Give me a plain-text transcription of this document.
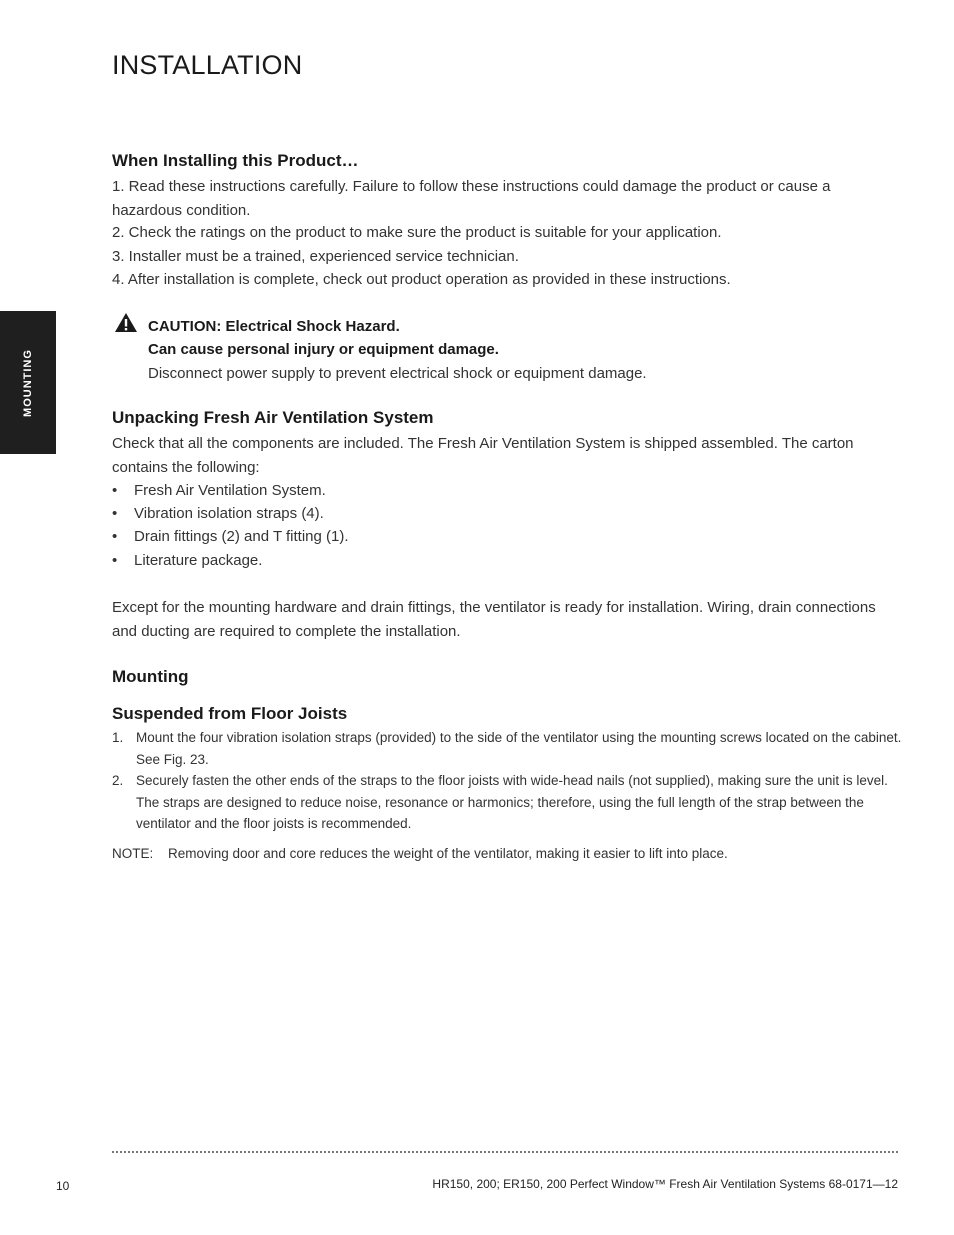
INSTALLATION
MOUNTING
When Installing this Product…

1. Read these instructions carefully. Failure to follow these instructions could damage the product or cause a hazardous condition.

2. Check the ratings on the product to make sure the product is suitable for your application.

3. Installer must be a trained, experienced service technician.

4. After installation is complete, check out product operation as provided in these instructions.

CAUTION: Electrical Shock Hazard.

Can cause personal injury or equipment damage.

Disconnect power supply to prevent electrical shock or equipment damage.

Unpacking Fresh Air Ventilation System

Check that all the components are included. The Fresh Air Ventilation System is shipped assembled. The carton contains the following:

• Fresh Air Ventilation System.

• Vibration isolation straps (4).

• Drain fittings (2) and T fitting (1).

• Literature package.

Except for the mounting hardware and drain fittings, the ventilator is ready for installation. Wiring, drain connections and ducting are required to complete the installation.

Mounting
Suspended from Floor Joists
1. Mount the four vibration isolation straps (provided) to the side of the ventilator using the mounting screws located on the cabinet. See Fig. 23.
2. Securely fasten the other ends of the straps to the floor joists with wide-head nails (not supplied), making sure the unit is level. The straps are designed to reduce noise, resonance or harmonics; therefore, using the full length of the strap between the ventilator and the floor joists is recommended.

NOTE: Removing door and core reduces the weight of the ventilator, making it easier to lift into place.

10	HR150, 200; ER150, 200 Perfect Window™ Fresh Air Ventilation Systems 68-0171—12
